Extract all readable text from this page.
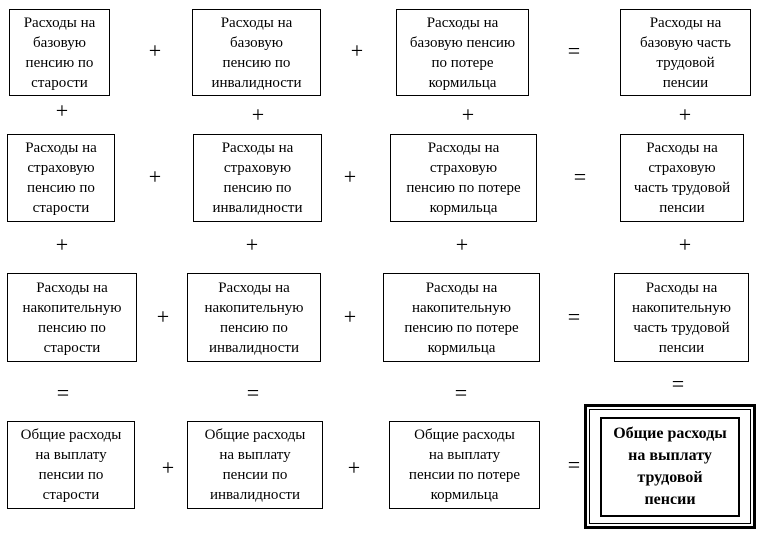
Расходы на
базовую
пенсию по
старости
+
Расходы на
базовую
пенсию по
инвалидности
+
Расходы на
базовую пенсию
по потере
кормильца
=
Расходы на
базовую часть
трудовой
пенсии
+	+	+	+
Расходы на
страховую
пенсию по
старости
+
Расходы на
страховую
пенсию по
инвалидности
+
Расходы на
страховую
пенсию по потере
кормильца
=
Расходы на
страховую
часть трудовой
пенсии
+	+	+	+
Расходы на
накопительную
пенсию по
старости
+
Расходы на
накопительную
пенсию по
инвалидности
+
Расходы на
накопительную
пенсию по потере
кормильца
=
Расходы на
накопительную
часть трудовой
пенсии
=	=	=	=
Общие расходы
на выплату
пенсии по
старости
+
Общие расходы
на выплату
пенсии по
инвалидности
+
Общие расходы
на выплату
пенсии по потере
кормильца
=
Общие расходы
на выплату
трудовой
пенсии
